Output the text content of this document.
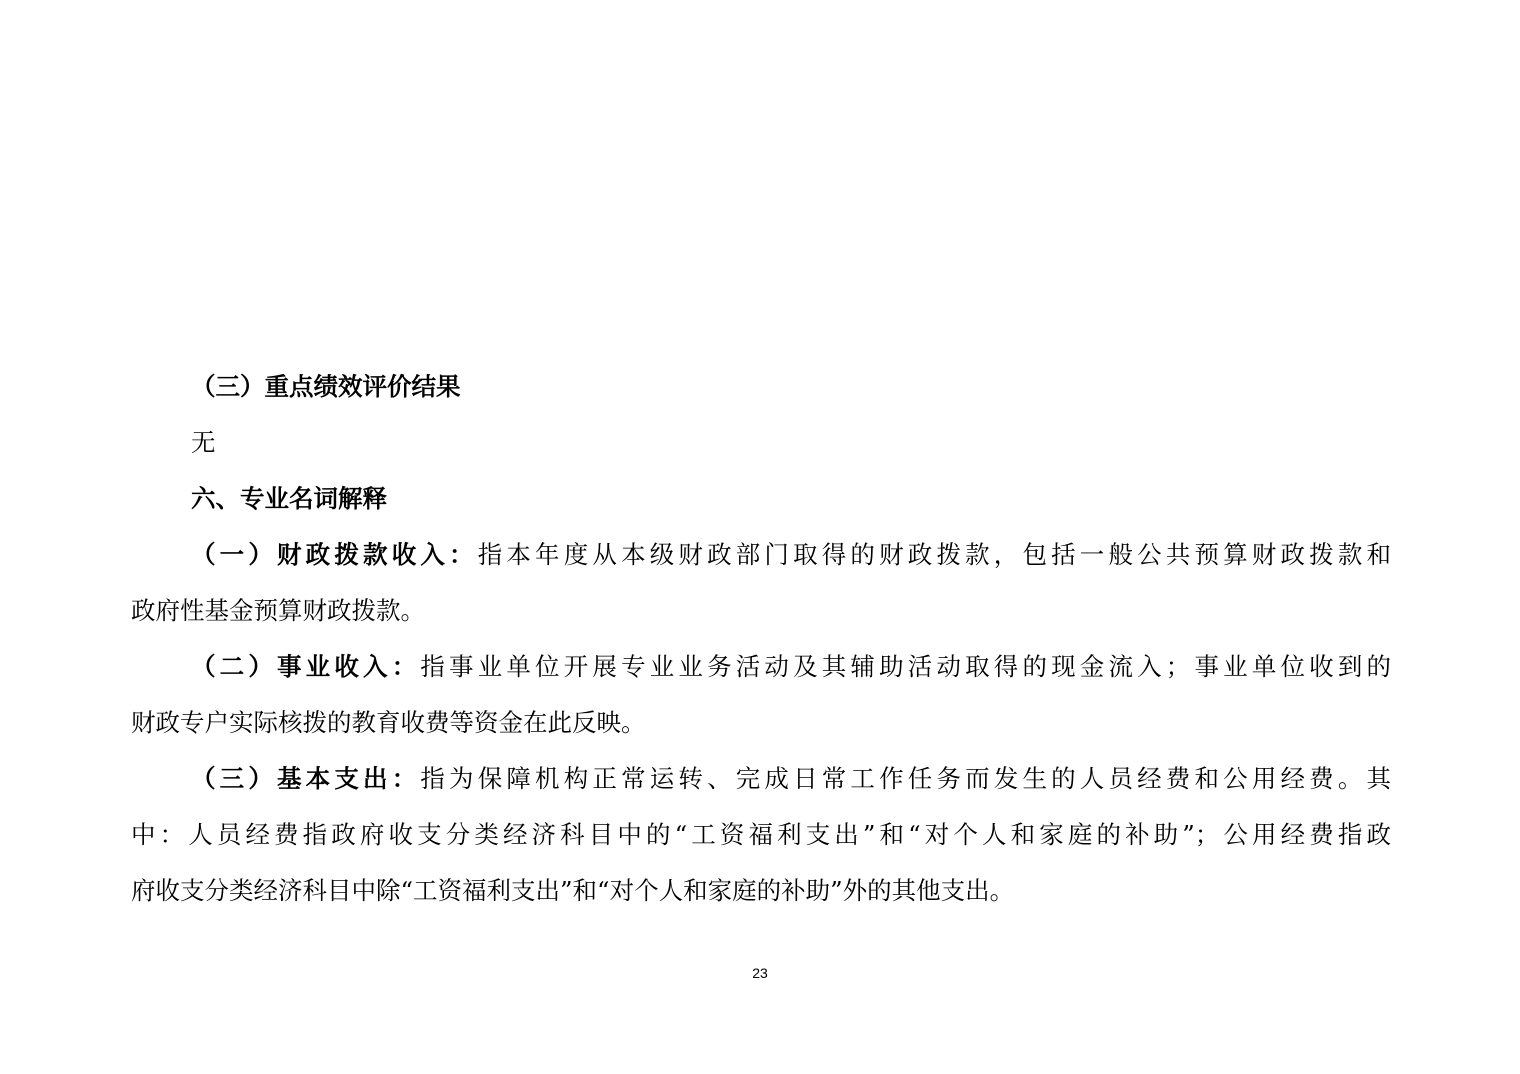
（三）重点绩效评价结果
无
六、专业名词解释
（一）财政拨款收入：指本年度从本级财政部门取得的财政拨款，包括一般公共预算财政拨款和
政府性基金预算财政拨款。
（二）事业收入：指事业单位开展专业业务活动及其辅助活动取得的现金流入；事业单位收到的
财政专户实际核拨的教育收费等资金在此反映。
（三）基本支出：指为保障机构正常运转、完成日常工作任务而发生的人员经费和公用经费。其
中：人员经费指政府收支分类经济科目中的“工资福利支出”和“对个人和家庭的补助”；公用经费指政
府收支分类经济科目中除“工资福利支出”和“对个人和家庭的补助”外的其他支出。
23
